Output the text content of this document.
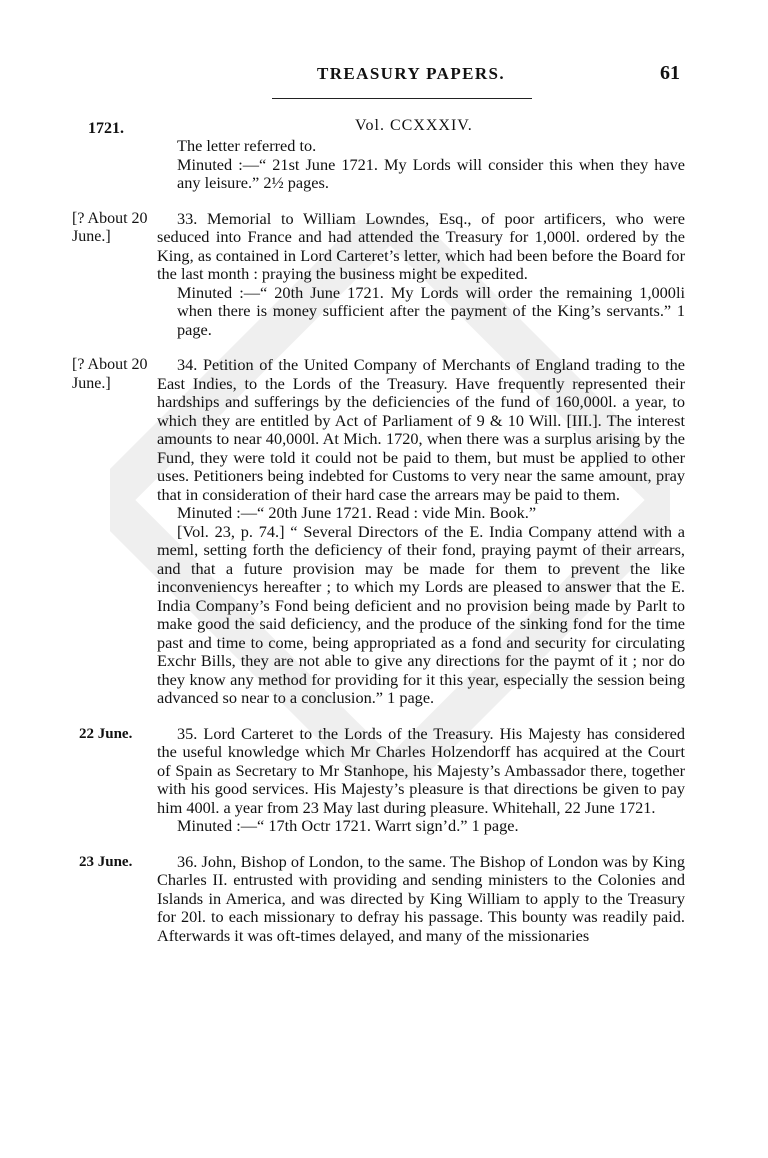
TREASURY PAPERS.	61
1721.	Vol. CCXXXIV.

The letter referred to.

Minuted :—“ 21st June 1721. My Lords will consider this when they have any leisure.” 2½ pages.

[? About 20 June.]

33. Memorial to William Lowndes, Esq., of poor artificers, who were seduced into France and had attended the Treasury for 1,000l. ordered by the King, as contained in Lord Carteret’s letter, which had been before the Board for the last month : praying the business might be expedited.

Minuted :—“ 20th June 1721. My Lords will order the remaining 1,000li when there is money sufficient after the payment of the King’s servants.” 1 page.

[? About 20 June.]

34. Petition of the United Company of Merchants of England trading to the East Indies, to the Lords of the Treasury. Have frequently represented their hardships and sufferings by the deficiencies of the fund of 160,000l. a year, to which they are entitled by Act of Parliament of 9 & 10 Will. [III.]. The interest amounts to near 40,000l. At Mich. 1720, when there was a surplus arising by the Fund, they were told it could not be paid to them, but must be applied to other uses. Petitioners being indebted for Customs to very near the same amount, pray that in consideration of their hard case the arrears may be paid to them.

Minuted :—“ 20th June 1721. Read : vide Min. Book.”

[Vol. 23, p. 74.] “ Several Directors of the E. India Company attend with a meml, setting forth the deficiency of their fond, praying paymt of their arrears, and that a future provision may be made for them to prevent the like inconveniencys hereafter ; to which my Lords are pleased to answer that the E. India Company’s Fond being deficient and no provision being made by Parlt to make good the said deficiency, and the produce of the sinking fond for the time past and time to come, being appropriated as a fond and security for circulating Exchr Bills, they are not able to give any directions for the paymt of it ; nor do they know any method for providing for it this year, especially the session being advanced so near to a conclusion.” 1 page.

22 June.	35. Lord Carteret to the Lords of the Treasury. His Majesty has considered the useful knowledge which Mr Charles Holzendorff has acquired at the Court of Spain as Secretary to Mr Stanhope, his Majesty’s Ambassador there, together with his good services. His Majesty’s pleasure is that directions be given to pay him 400l. a year from 23 May last during pleasure. Whitehall, 22 June 1721.

Minuted :—“ 17th Octr 1721. Warrt sign’d.” 1 page.

23 June.	36. John, Bishop of London, to the same. The Bishop of London was by King Charles II. entrusted with providing and sending ministers to the Colonies and Islands in America, and was directed by King William to apply to the Treasury for 20l. to each missionary to defray his passage. This bounty was readily paid. Afterwards it was oft-times delayed, and many of the missionaries
